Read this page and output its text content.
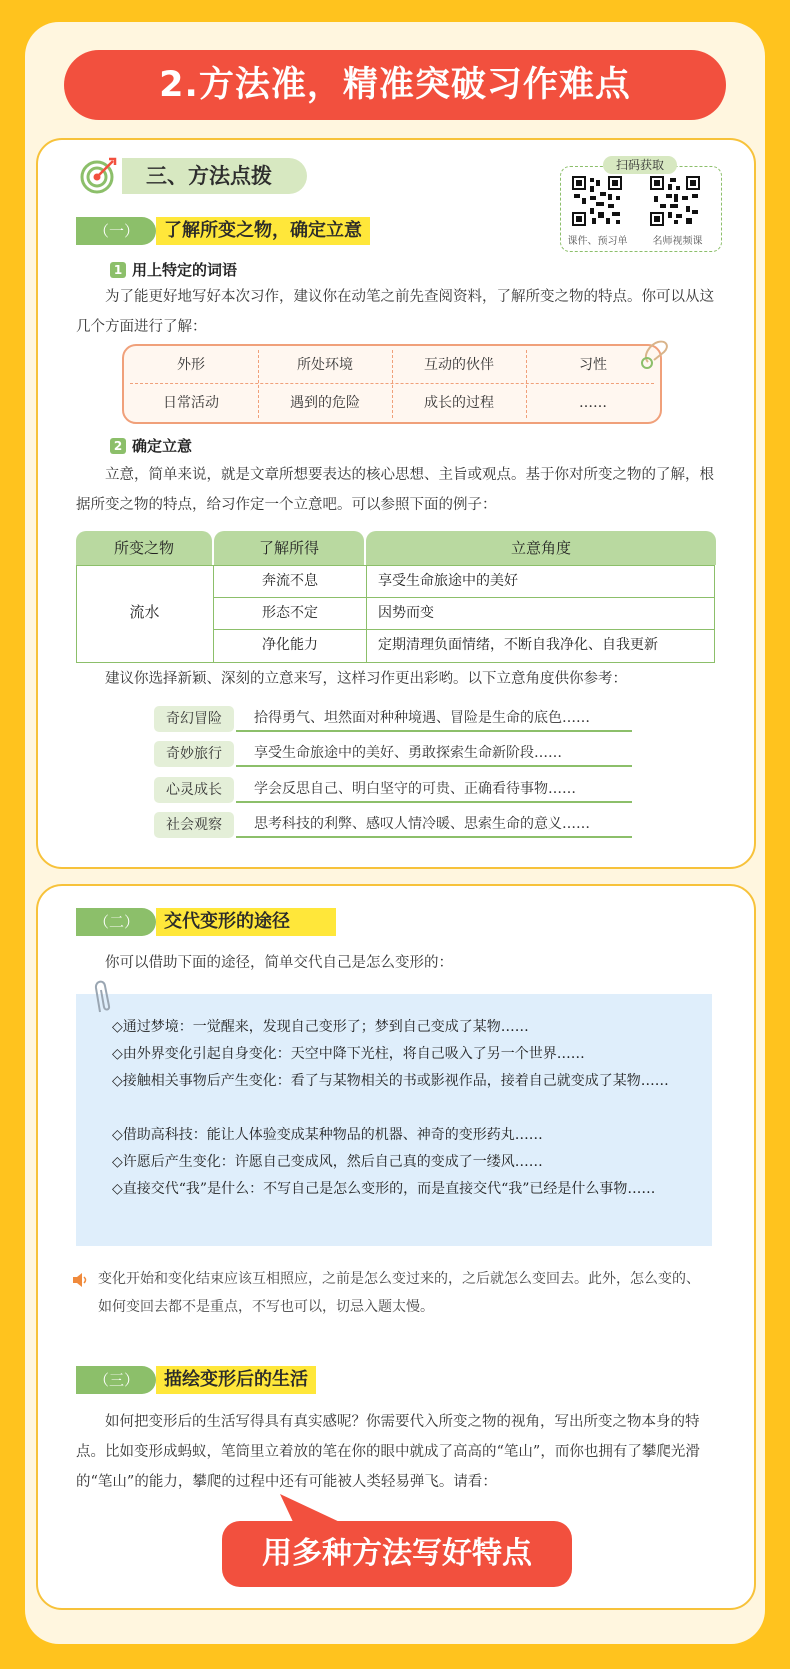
2.方法准，精准突破习作难点
三、方法点拨	扫码获取
课件、预习单	名师视频课
（一）	了解所变之物，确定立意
1 用上特定的词语
为了能更好地写好本次习作，建议你在动笔之前先查阅资料，了解所变之物的特点。你可以从这几个方面进行了解：
外形	所处环境	互动的伙伴	习性
日常活动	遇到的危险	成长的过程	……
2 确定立意
立意，简单来说，就是文章所想要表达的核心思想、主旨或观点。基于你对所变之物的了解，根据所变之物的特点，给习作定一个立意吧。可以参照下面的例子：
所变之物	了解所得	立意角度
流水
奔流不息	享受生命旅途中的美好
形态不定	因势而变
净化能力	定期清理负面情绪，不断自我净化、自我更新
建议你选择新颖、深刻的立意来写，这样习作更出彩哟。以下立意角度供你参考：
奇幻冒险	拾得勇气、坦然面对种种境遇、冒险是生命的底色……
奇妙旅行	享受生命旅途中的美好、勇敢探索生命新阶段……
心灵成长	学会反思自己、明白坚守的可贵、正确看待事物……
社会观察	思考科技的利弊、感叹人情冷暖、思索生命的意义……
（二）	交代变形的途径
你可以借助下面的途径，简单交代自己是怎么变形的：
◇通过梦境：一觉醒来，发现自己变形了；梦到自己变成了某物……
◇由外界变化引起自身变化：天空中降下光柱，将自己吸入了另一个世界……
◇接触相关事物后产生变化：看了与某物相关的书或影视作品，接着自己就变成了某物……
◇借助高科技：能让人体验变成某种物品的机器、神奇的变形药丸……
◇许愿后产生变化：许愿自己变成风，然后自己真的变成了一缕风……
◇直接交代“我”是什么：不写自己是怎么变形的，而是直接交代“我”已经是什么事物……
变化开始和变化结束应该互相照应，之前是怎么变过来的，之后就怎么变回去。此外，怎么变的、如何变回去都不是重点，不写也可以，切忌入题太慢。
（三）	描绘变形后的生活
如何把变形后的生活写得具有真实感呢？你需要代入所变之物的视角，写出所变之物本身的特点。比如变形成蚂蚁，笔筒里立着放的笔在你的眼中就成了高高的“笔山”，而你也拥有了攀爬光滑的“笔山”的能力，攀爬的过程中还有可能被人类轻易弹飞。请看：
用多种方法写好特点
